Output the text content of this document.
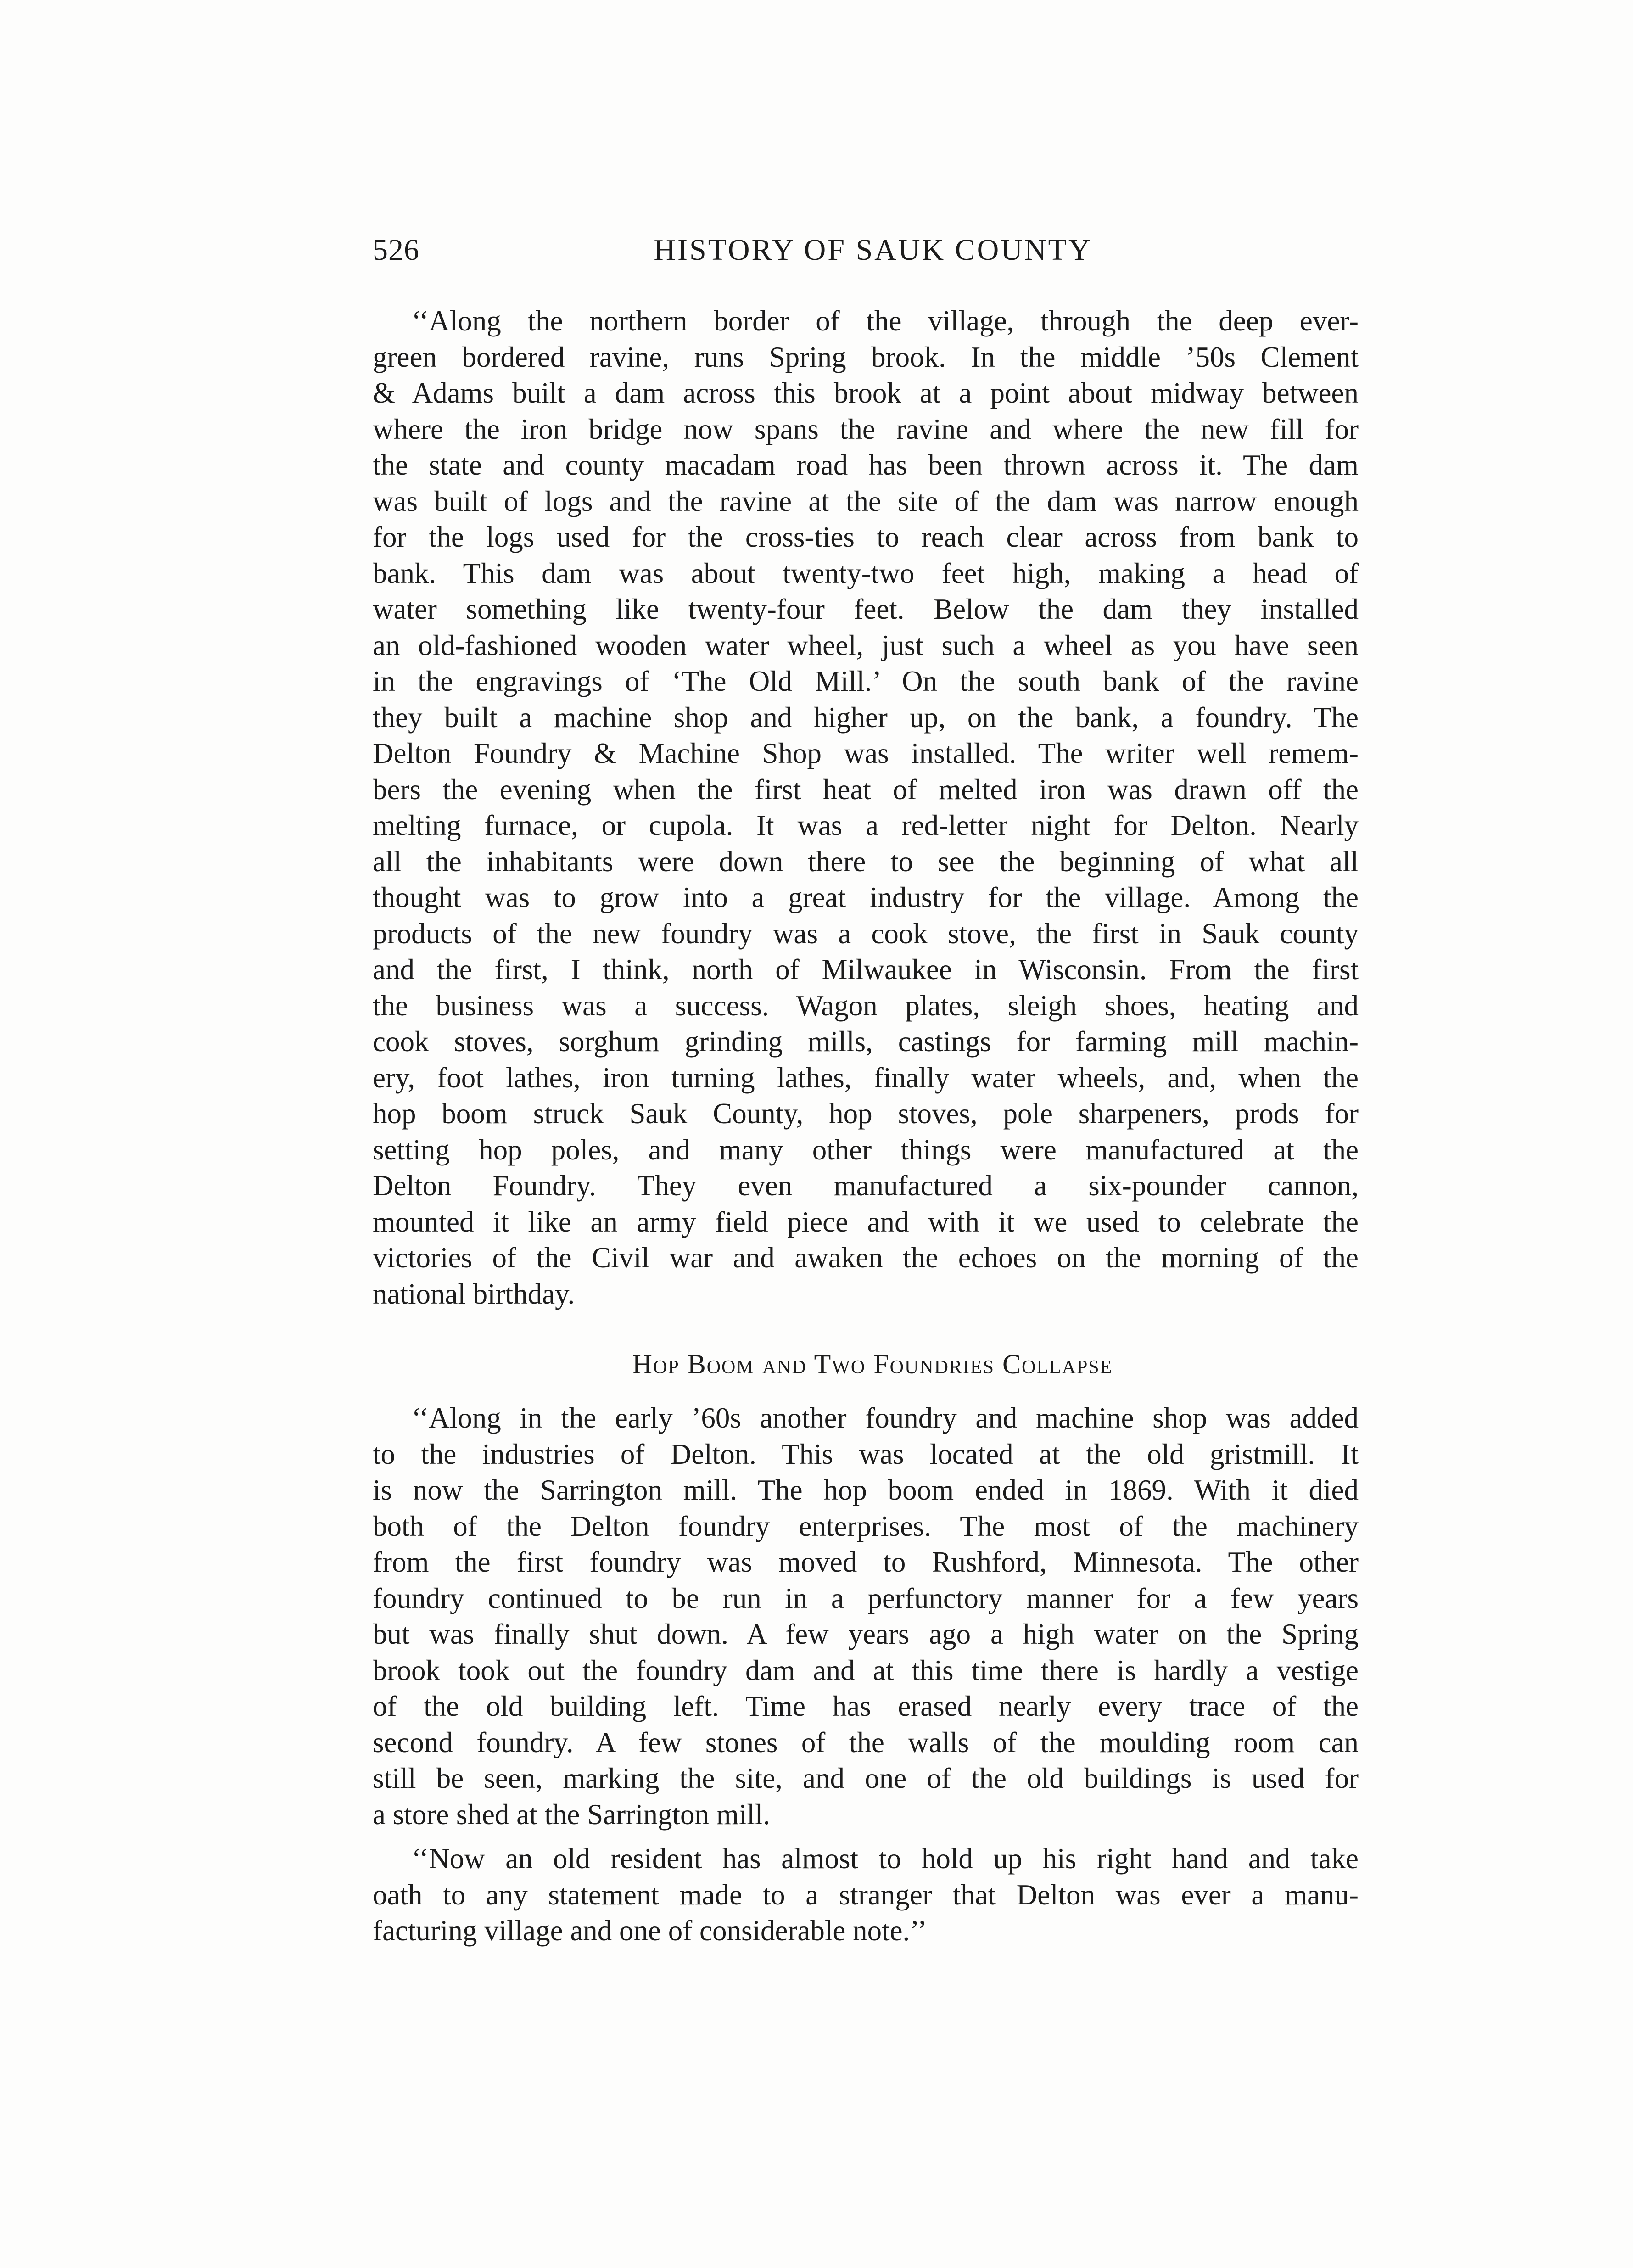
526	HISTORY OF SAUK COUNTY
‘‘Along the northern border of the village, through the deep ever-
green bordered ravine, runs Spring brook. In the middle ’50s Clement
& Adams built a dam across this brook at a point about midway between
where the iron bridge now spans the ravine and where the new fill for
the state and county macadam road has been thrown across it. The dam
was built of logs and the ravine at the site of the dam was narrow enough
for the logs used for the cross-ties to reach clear across from bank to
bank. This dam was about twenty-two feet high, making a head of
water something like twenty-four feet. Below the dam they installed
an old-fashioned wooden water wheel, just such a wheel as you have seen
in the engravings of ‘The Old Mill.’ On the south bank of the ravine
they built a machine shop and higher up, on the bank, a foundry. The
Delton Foundry & Machine Shop was installed. The writer well remem-
bers the evening when the first heat of melted iron was drawn off the
melting furnace, or cupola. It was a red-letter night for Delton. Nearly
all the inhabitants were down there to see the beginning of what all
thought was to grow into a great industry for the village. Among the
products of the new foundry was a cook stove, the first in Sauk county
and the first, I think, north of Milwaukee in Wisconsin. From the first
the business was a success. Wagon plates, sleigh shoes, heating and
cook stoves, sorghum grinding mills, castings for farming mill machin-
ery, foot lathes, iron turning lathes, finally water wheels, and, when the
hop boom struck Sauk County, hop stoves, pole sharpeners, prods for
setting hop poles, and many other things were manufactured at the
Delton Foundry. They even manufactured a six-pounder cannon,
mounted it like an army field piece and with it we used to celebrate the
victories of the Civil war and awaken the echoes on the morning of the
national birthday.
Hop Boom and Two Foundries Collapse
‘‘Along in the early ’60s another foundry and machine shop was added
to the industries of Delton. This was located at the old gristmill. It
is now the Sarrington mill. The hop boom ended in 1869. With it died
both of the Delton foundry enterprises. The most of the machinery
from the first foundry was moved to Rushford, Minnesota. The other
foundry continued to be run in a perfunctory manner for a few years
but was finally shut down. A few years ago a high water on the Spring
brook took out the foundry dam and at this time there is hardly a vestige
of the old building left. Time has erased nearly every trace of the
second foundry. A few stones of the walls of the moulding room can
still be seen, marking the site, and one of the old buildings is used for
a store shed at the Sarrington mill.
‘‘Now an old resident has almost to hold up his right hand and take
oath to any statement made to a stranger that Delton was ever a manu-
facturing village and one of considerable note.’’
